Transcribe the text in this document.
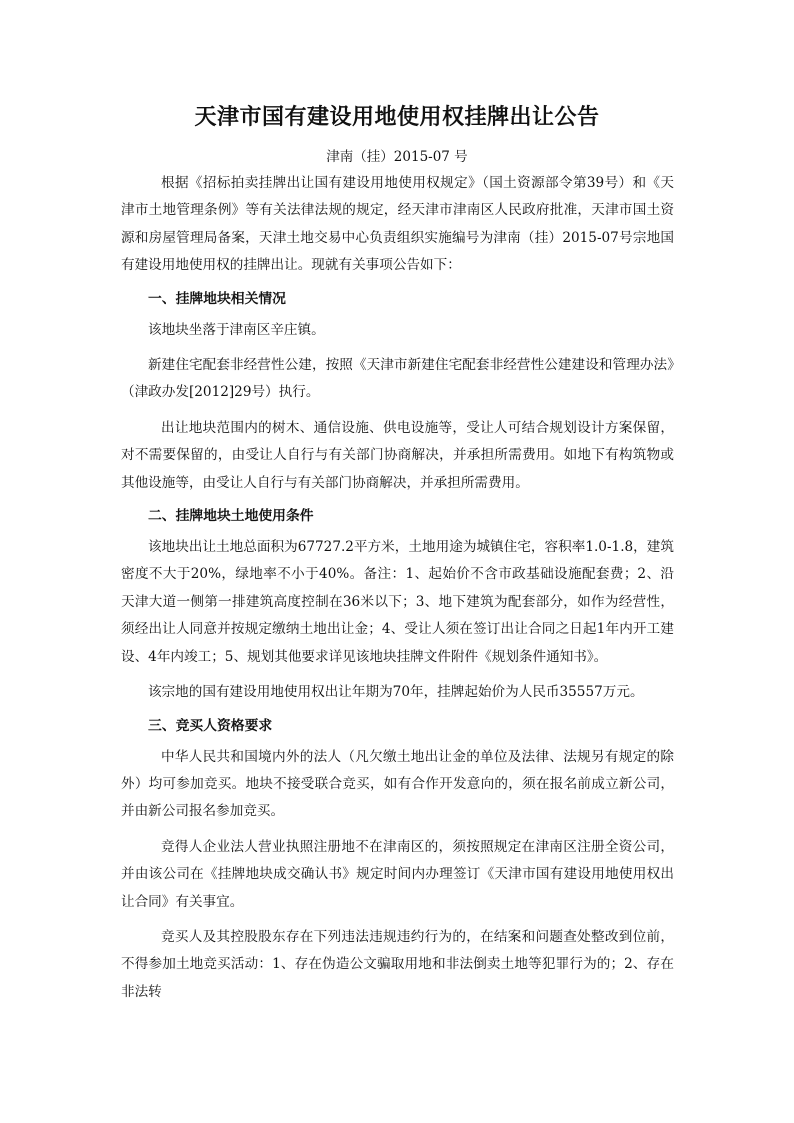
天津市国有建设用地使用权挂牌出让公告
津南（挂）2015-07 号

根据《招标拍卖挂牌出让国有建设用地使用权规定》（国土资源部令第39号）和《天津市土地管理条例》等有关法律法规的规定，经天津市津南区人民政府批准，天津市国土资源和房屋管理局备案，天津土地交易中心负责组织实施编号为津南（挂）2015-07号宗地国有建设用地使用权的挂牌出让。现就有关事项公告如下：

一、挂牌地块相关情况

该地块坐落于津南区辛庄镇。

新建住宅配套非经营性公建，按照《天津市新建住宅配套非经营性公建建设和管理办法》（津政办发[2012]29号）执行。

出让地块范围内的树木、通信设施、供电设施等，受让人可结合规划设计方案保留，对不需要保留的，由受让人自行与有关部门协商解决，并承担所需费用。如地下有构筑物或其他设施等，由受让人自行与有关部门协商解决，并承担所需费用。

二、挂牌地块土地使用条件

该地块出让土地总面积为67727.2平方米，土地用途为城镇住宅，容积率1.0-1.8，建筑密度不大于20%，绿地率不小于40%。备注：1、起始价不含市政基础设施配套费；2、沿天津大道一侧第一排建筑高度控制在36米以下；3、地下建筑为配套部分，如作为经营性，须经出让人同意并按规定缴纳土地出让金；4、受让人须在签订出让合同之日起1年内开工建设、4年内竣工；5、规划其他要求详见该地块挂牌文件附件《规划条件通知书》。

该宗地的国有建设用地使用权出让年期为70年，挂牌起始价为人民币35557万元。

三、竞买人资格要求

中华人民共和国境内外的法人（凡欠缴土地出让金的单位及法律、法规另有规定的除外）均可参加竞买。地块不接受联合竞买，如有合作开发意向的，须在报名前成立新公司，并由新公司报名参加竞买。

竞得人企业法人营业执照注册地不在津南区的，须按照规定在津南区注册全资公司，并由该公司在《挂牌地块成交确认书》规定时间内办理签订《天津市国有建设用地使用权出让合同》有关事宜。

竞买人及其控股股东存在下列违法违规违约行为的，在结案和问题查处整改到位前，不得参加土地竞买活动：1、存在伪造公文骗取用地和非法倒卖土地等犯罪行为的；2、存在非法转
